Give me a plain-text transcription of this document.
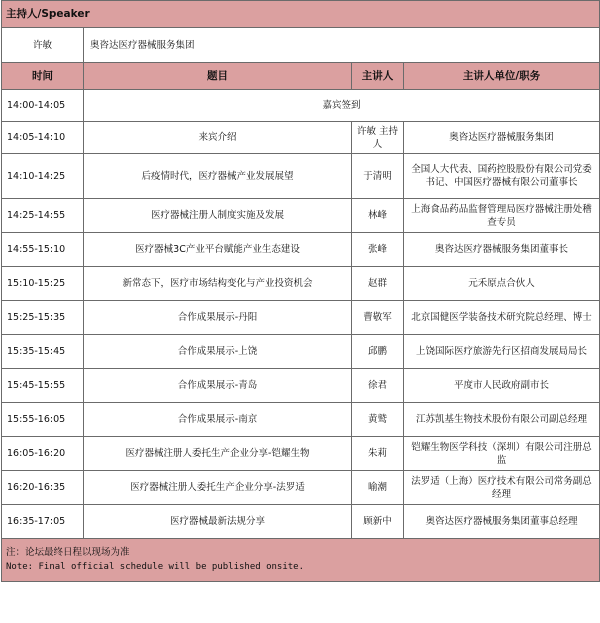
主持人/Speaker			
许敏	奥咨达医疗器械服务集团		
时间	题目	主讲人	主讲人单位/职务
14:00-14:05	嘉宾签到		
14:05-14:10	来宾介绍	许敏 主持人	奥咨达医疗器械服务集团
14:10-14:25	后疫情时代，医疗器械产业发展展望	于清明	全国人大代表、国药控股股份有限公司党委书记、中国医疗器械有限公司董事长
14:25-14:55	医疗器械注册人制度实施及发展	林峰	上海食品药品监督管理局医疗器械注册处稽查专员
14:55-15:10	医疗器械3C产业平台赋能产业生态建设	张峰	奥咨达医疗器械服务集团董事长
15:10-15:25	新常态下，医疗市场结构变化与产业投资机会	赵群	元禾原点合伙人
15:25-15:35	合作成果展示-丹阳	曹敬军	北京国健医学装备技术研究院总经理、博士
15:35-15:45	合作成果展示-上饶	邱鹏	上饶国际医疗旅游先行区招商发展局局长
15:45-15:55	合作成果展示-青岛	徐君	平度市人民政府副市长
15:55-16:05	合作成果展示-南京	黄鹫	江苏凯基生物技术股份有限公司副总经理
16:05-16:20	医疗器械注册人委托生产企业分享-铠耀生物	朱莉	铠耀生物医学科技（深圳）有限公司注册总监
16:20-16:35	医疗器械注册人委托生产企业分享-法罗适	喻潮	法罗适（上海）医疗技术有限公司常务副总经理
16:35-17:05	医疗器械最新法规分享	顾新中	奥咨达医疗器械服务集团董事总经理

注：论坛最终日程以现场为准
Note: Final official schedule will be published onsite.			
